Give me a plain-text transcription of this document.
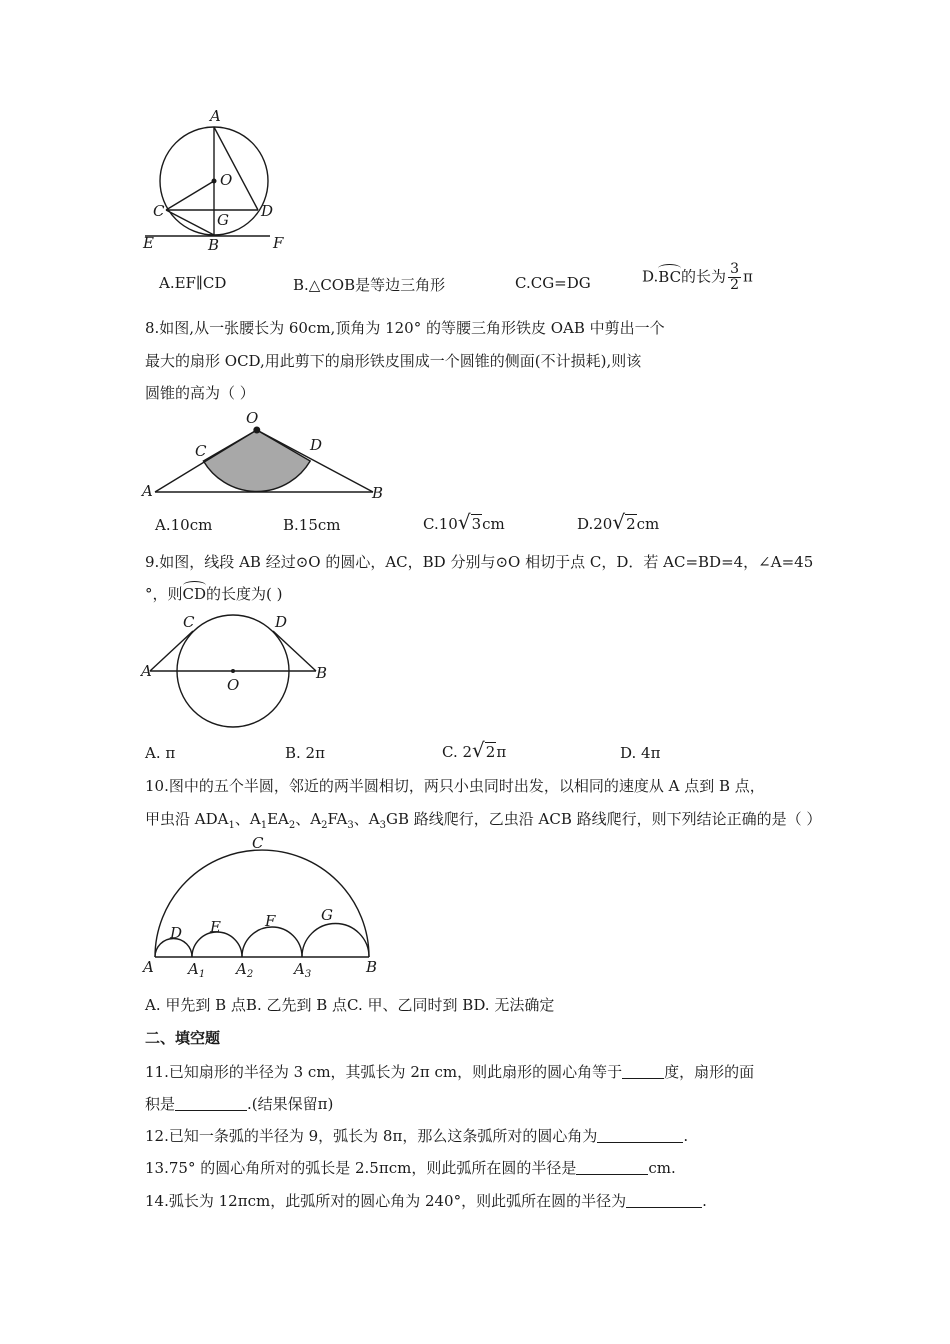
A
O
C	D
G
E	B	F
A.EF∥CD	B.△COB是等边三角形	C.CG=DG	D.BC的长为 $\frac{3}{2}$ π
8.如图,从一张腰长为 60cm,顶角为 120° 的等腰三角形铁皮 OAB 中剪出一个
最大的扇形 OCD,用此剪下的扇形铁皮围成一个圆锥的侧面(不计损耗),则该
圆锥的高为（ ）
O
C	D
A	B
A.10cm	B.15cm	C.10√3cm	D.20√2cm
9.如图，线段 AB 经过⊙O 的圆心，AC，BD 分别与⊙O 相切于点 C，D．若 AC=BD=4，∠A=45
°，则CD的长度为( )
C	D
A
O
B
A. π	B. 2π	C. 2√2π	D. 4π
10.图中的五个半圆，邻近的两半圆相切，两只小虫同时出发，以相同的速度从 A 点到 B 点，
甲虫沿 $ADA_1$、$A_1EA_2$、$A_2FA_3$、$A_3GB$ 路线爬行，乙虫沿 ACB 路线爬行，则下列结论正确的是（ ）
C
D E	F	G
A $A_1$ $A_2$	$A_3$	B
A. 甲先到 B 点B. 乙先到 B 点C. 甲、乙同时到 BD. 无法确定
二、填空题
11.已知扇形的半径为 3 cm，其弧长为 2π cm，则此扇形的圆心角等于	度，扇形的面
积是	.(结果保留π)
12.已知一条弧的半径为 9，弧长为 8π，那么这条弧所对的圆心角为	.
13.75° 的圆心角所对的弧长是 2.5πcm，则此弧所在圆的半径是	cm.
14.弧长为 12πcm，此弧所对的圆心角为 240°，则此弧所在圆的半径为	.
